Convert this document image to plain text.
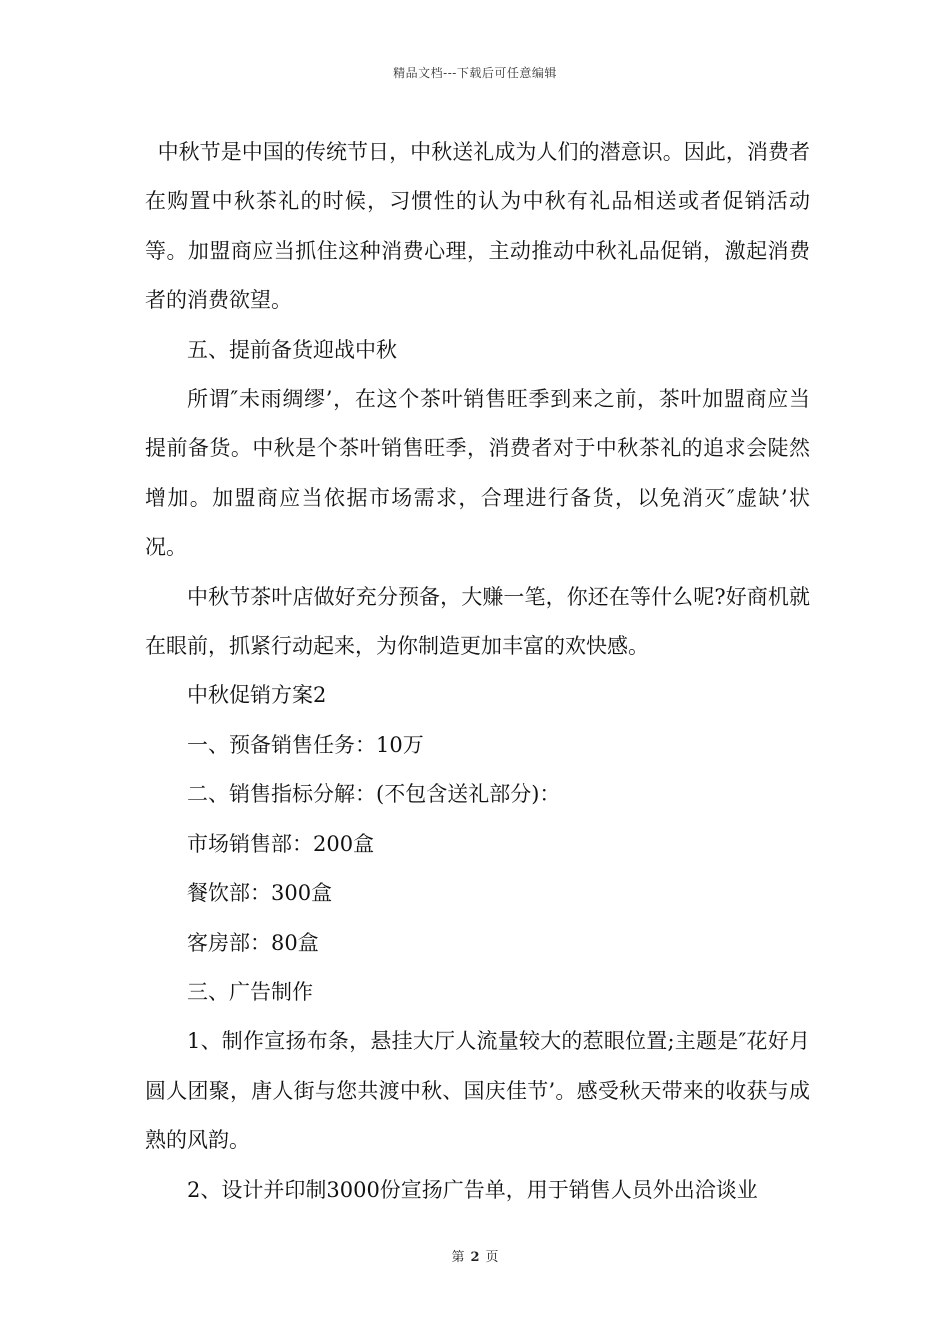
精品文档---下载后可任意编辑

中秋节是中国的传统节日，中秋送礼成为人们的潜意识。因此，消费者在购置中秋茶礼的时候，习惯性的认为中秋有礼品相送或者促销活动等。加盟商应当抓住这种消费心理，主动推动中秋礼品促销，激起消费者的消费欲望。

五、提前备货迎战中秋

所谓″未雨绸缪’，在这个茶叶销售旺季到来之前，茶叶加盟商应当提前备货。中秋是个茶叶销售旺季，消费者对于中秋茶礼的追求会陡然增加。加盟商应当依据市场需求，合理进行备货，以免消灭″虚缺’状况。

中秋节茶叶店做好充分预备，大赚一笔，你还在等什么呢?好商机就在眼前，抓紧行动起来，为你制造更加丰富的欢快感。

中秋促销方案2

一、预备销售任务：10万

二、销售指标分解：(不包含送礼部分)：

市场销售部：200盒

餐饮部：300盒

客房部：80盒

三、广告制作

1、制作宣扬布条，悬挂大厅人流量较大的惹眼位置;主题是″花好月圆人团聚，唐人街与您共渡中秋、国庆佳节’。感受秋天带来的收获与成熟的风韵。

2、设计并印制3000份宣扬广告单，用于销售人员外出洽谈业

第 2 页
